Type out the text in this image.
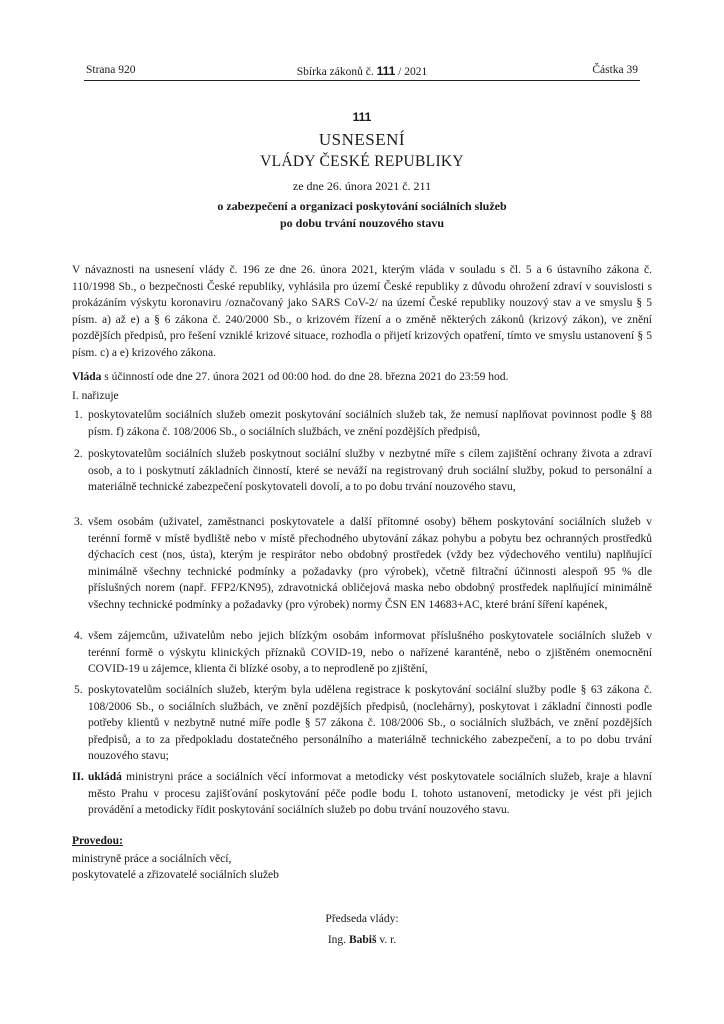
Strana 920	Sbírka zákonů č. 111 / 2021	Částka 39
111
USNESENÍ
VLÁDY ČESKÉ REPUBLIKY
ze dne 26. února 2021 č. 211
o zabezpečení a organizaci poskytování sociálních služeb
po dobu trvání nouzového stavu
V návaznosti na usnesení vlády č. 196 ze dne 26. února 2021, kterým vláda v souladu s čl. 5 a 6 ústavního zákona č. 110/1998 Sb., o bezpečnosti České republiky, vyhlásila pro území České republiky z důvodu ohrožení zdraví v souvislosti s prokázáním výskytu koronaviru /označovaný jako SARS CoV-2/ na území České republiky nouzový stav a ve smyslu § 5 písm. a) až e) a § 6 zákona č. 240/2000 Sb., o krizovém řízení a o změně některých zákonů (krizový zákon), ve znění pozdějších předpisů, pro řešení vzniklé krizové situace, rozhodla o přijetí krizových opatření, tímto ve smyslu ustanovení § 5 písm. c) a e) krizového zákona.
Vláda s účinností ode dne 27. února 2021 od 00:00 hod. do dne 28. března 2021 do 23:59 hod.
I. nařizuje
1. poskytovatelům sociálních služeb omezit poskytování sociálních služeb tak, že nemusí naplňovat povinnost podle § 88 písm. f) zákona č. 108/2006 Sb., o sociálních službách, ve znění pozdějších předpisů,
2. poskytovatelům sociálních služeb poskytnout sociální služby v nezbytné míře s cílem zajištění ochrany života a zdraví osob, a to i poskytnutí základních činností, které se neváží na registrovaný druh sociální služby, pokud to personální a materiálně technické zabezpečení poskytovateli dovolí, a to po dobu trvání nouzového stavu,
3. všem osobám (uživatel, zaměstnanci poskytovatele a další přítomné osoby) během poskytování sociálních služeb v terénní formě v místě bydliště nebo v místě přechodného ubytování zákaz pohybu a pobytu bez ochranných prostředků dýchacích cest (nos, ústa), kterým je respirátor nebo obdobný prostředek (vždy bez výdechového ventilu) naplňující minimálně všechny technické podmínky a požadavky (pro výrobek), včetně filtrační účinnosti alespoň 95 % dle příslušných norem (např. FFP2/KN95), zdravotnická obličejová maska nebo obdobný prostředek naplňující minimálně všechny technické podmínky a požadavky (pro výrobek) normy ČSN EN 14683+AC, které brání šíření kapének,
4. všem zájemcům, uživatelům nebo jejich blízkým osobám informovat příslušného poskytovatele sociálních služeb v terénní formě o výskytu klinických příznaků COVID-19, nebo o nařízené karanténě, nebo o zjištěném onemocnění COVID-19 u zájemce, klienta či blízké osoby, a to neprodleně po zjištění,
5. poskytovatelům sociálních služeb, kterým byla udělena registrace k poskytování sociální služby podle § 63 zákona č. 108/2006 Sb., o sociálních službách, ve znění pozdějších předpisů, (noclehárny), poskytovat i základní činnosti podle potřeby klientů v nezbytně nutné míře podle § 57 zákona č. 108/2006 Sb., o sociálních službách, ve znění pozdějších předpisů, a to za předpokladu dostatečného personálního a materiálně technického zabezpečení, a to po dobu trvání nouzového stavu;
II. ukládá ministryni práce a sociálních věcí informovat a metodicky vést poskytovatele sociálních služeb, kraje a hlavní město Prahu v procesu zajišťování poskytování péče podle bodu I. tohoto ustanovení, metodicky je vést při jejich provádění a metodicky řídit poskytování sociálních služeb po dobu trvání nouzového stavu.
Provedou:
ministryně práce a sociálních věcí,
poskytovatelé a zřizovatelé sociálních služeb
Předseda vlády:
Ing. Babiš v. r.
